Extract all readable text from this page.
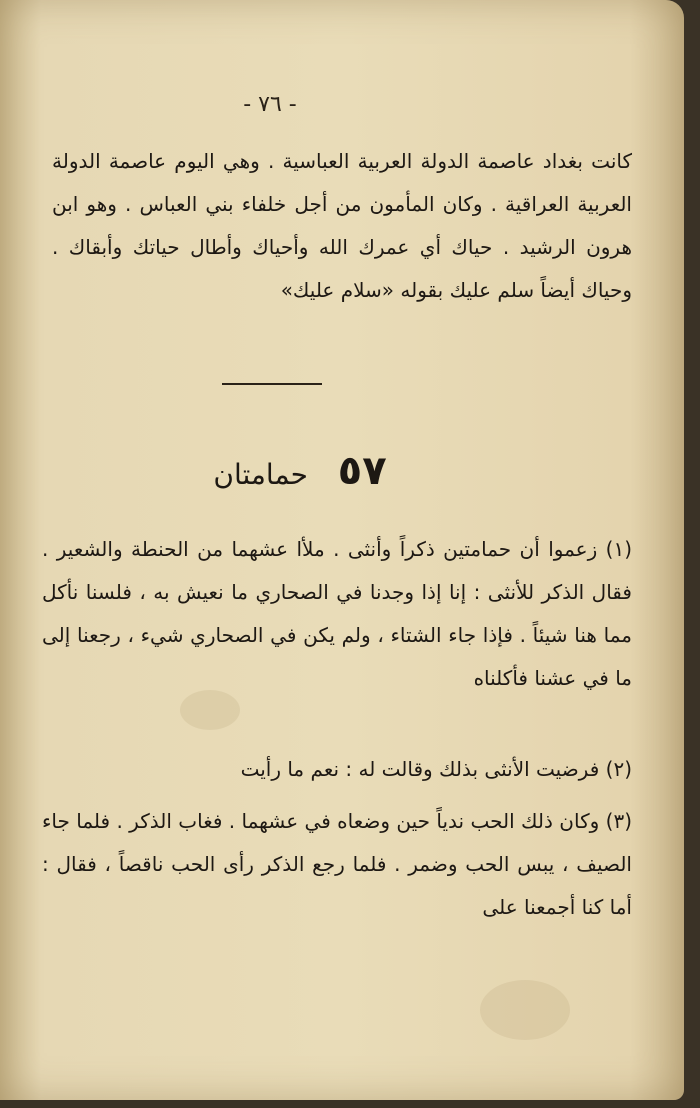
- ٧٦ -
كانت بغداد عاصمة الدولة العربية العباسية . وهي اليوم عاصمة الدولة العربية العراقية . وكان المأمون من أجل خلفاء بني العباس . وهو ابن هرون الرشيد . حياك أي عمرك الله وأحياك وأطال حياتك وأبقاك . وحياك أيضاً سلم عليك بقوله «سلام عليك»
٥٧ حمامتان
(١) زعموا أن حمامتين ذكراً وأنثى . ملأا عشهما من الحنطة والشعير . فقال الذكر للأنثى : إنا إذا وجدنا في الصحاري ما نعيش به ، فلسنا نأكل مما هنا شيئاً . فإذا جاء الشتاء ، ولم يكن في الصحاري شيء ، رجعنا إلى ما في عشنا فأكلناه
(٢) فرضيت الأنثى بذلك وقالت له : نعم ما رأيت
(٣) وكان ذلك الحب ندياً حين وضعاه في عشهما . فغاب الذكر . فلما جاء الصيف ، يبس الحب وضمر . فلما رجع الذكر رأى الحب ناقصاً ، فقال : أما كنا أجمعنا على
